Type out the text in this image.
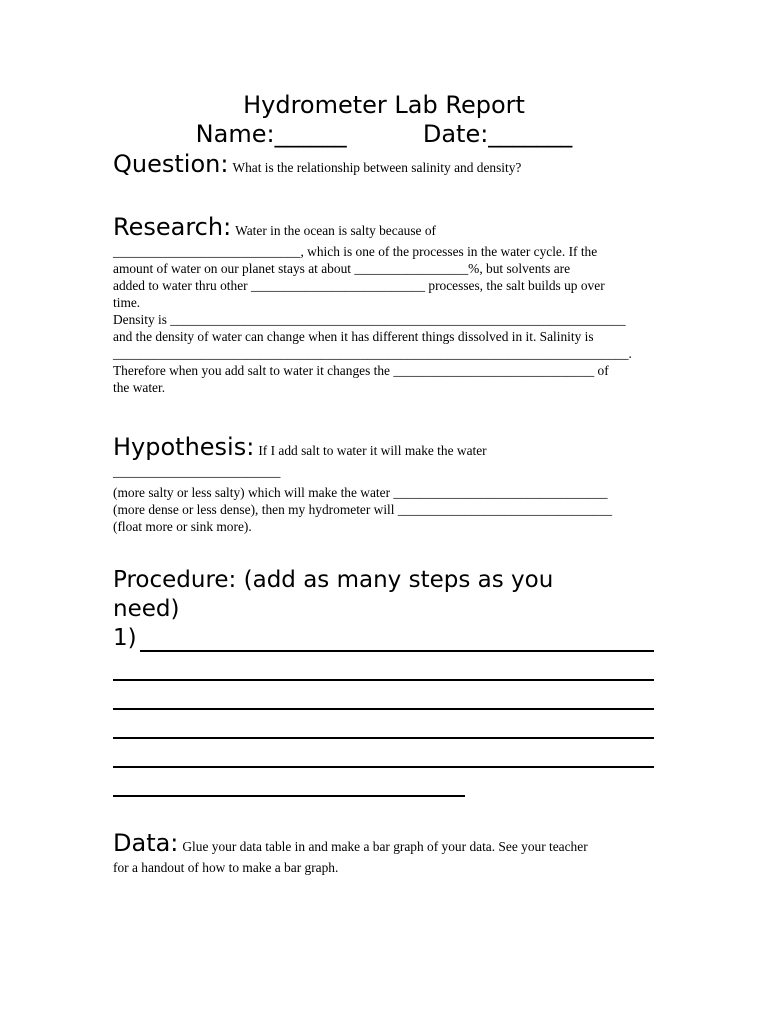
Hydrometer Lab Report
Name:______          Date:_______
Question: What is the relationship between salinity and density?
Research: Water in the ocean is salty because of
____________________________, which is one of the processes in the water cycle. If the
amount of water on our planet stays at about _________________%, but solvents are
added to water thru other __________________________ processes, the salt builds up over
time.
Density is ____________________________________________________________________
and the density of water can change when it has different things dissolved in it. Salinity is
_____________________________________________________________________________.
Therefore when you add salt to water it changes the ______________________________ of
the water.
Hypothesis: If I add salt to water it will make the water
_________________________
(more salty or less salty) which will make the water ________________________________
(more dense or less dense), then my hydrometer will ________________________________
(float more or sink more).
Procedure: (add as many steps as you
need)
1)
Data: Glue your data table in and make a bar graph of your data. See your teacher
for a handout of how to make a bar graph.
